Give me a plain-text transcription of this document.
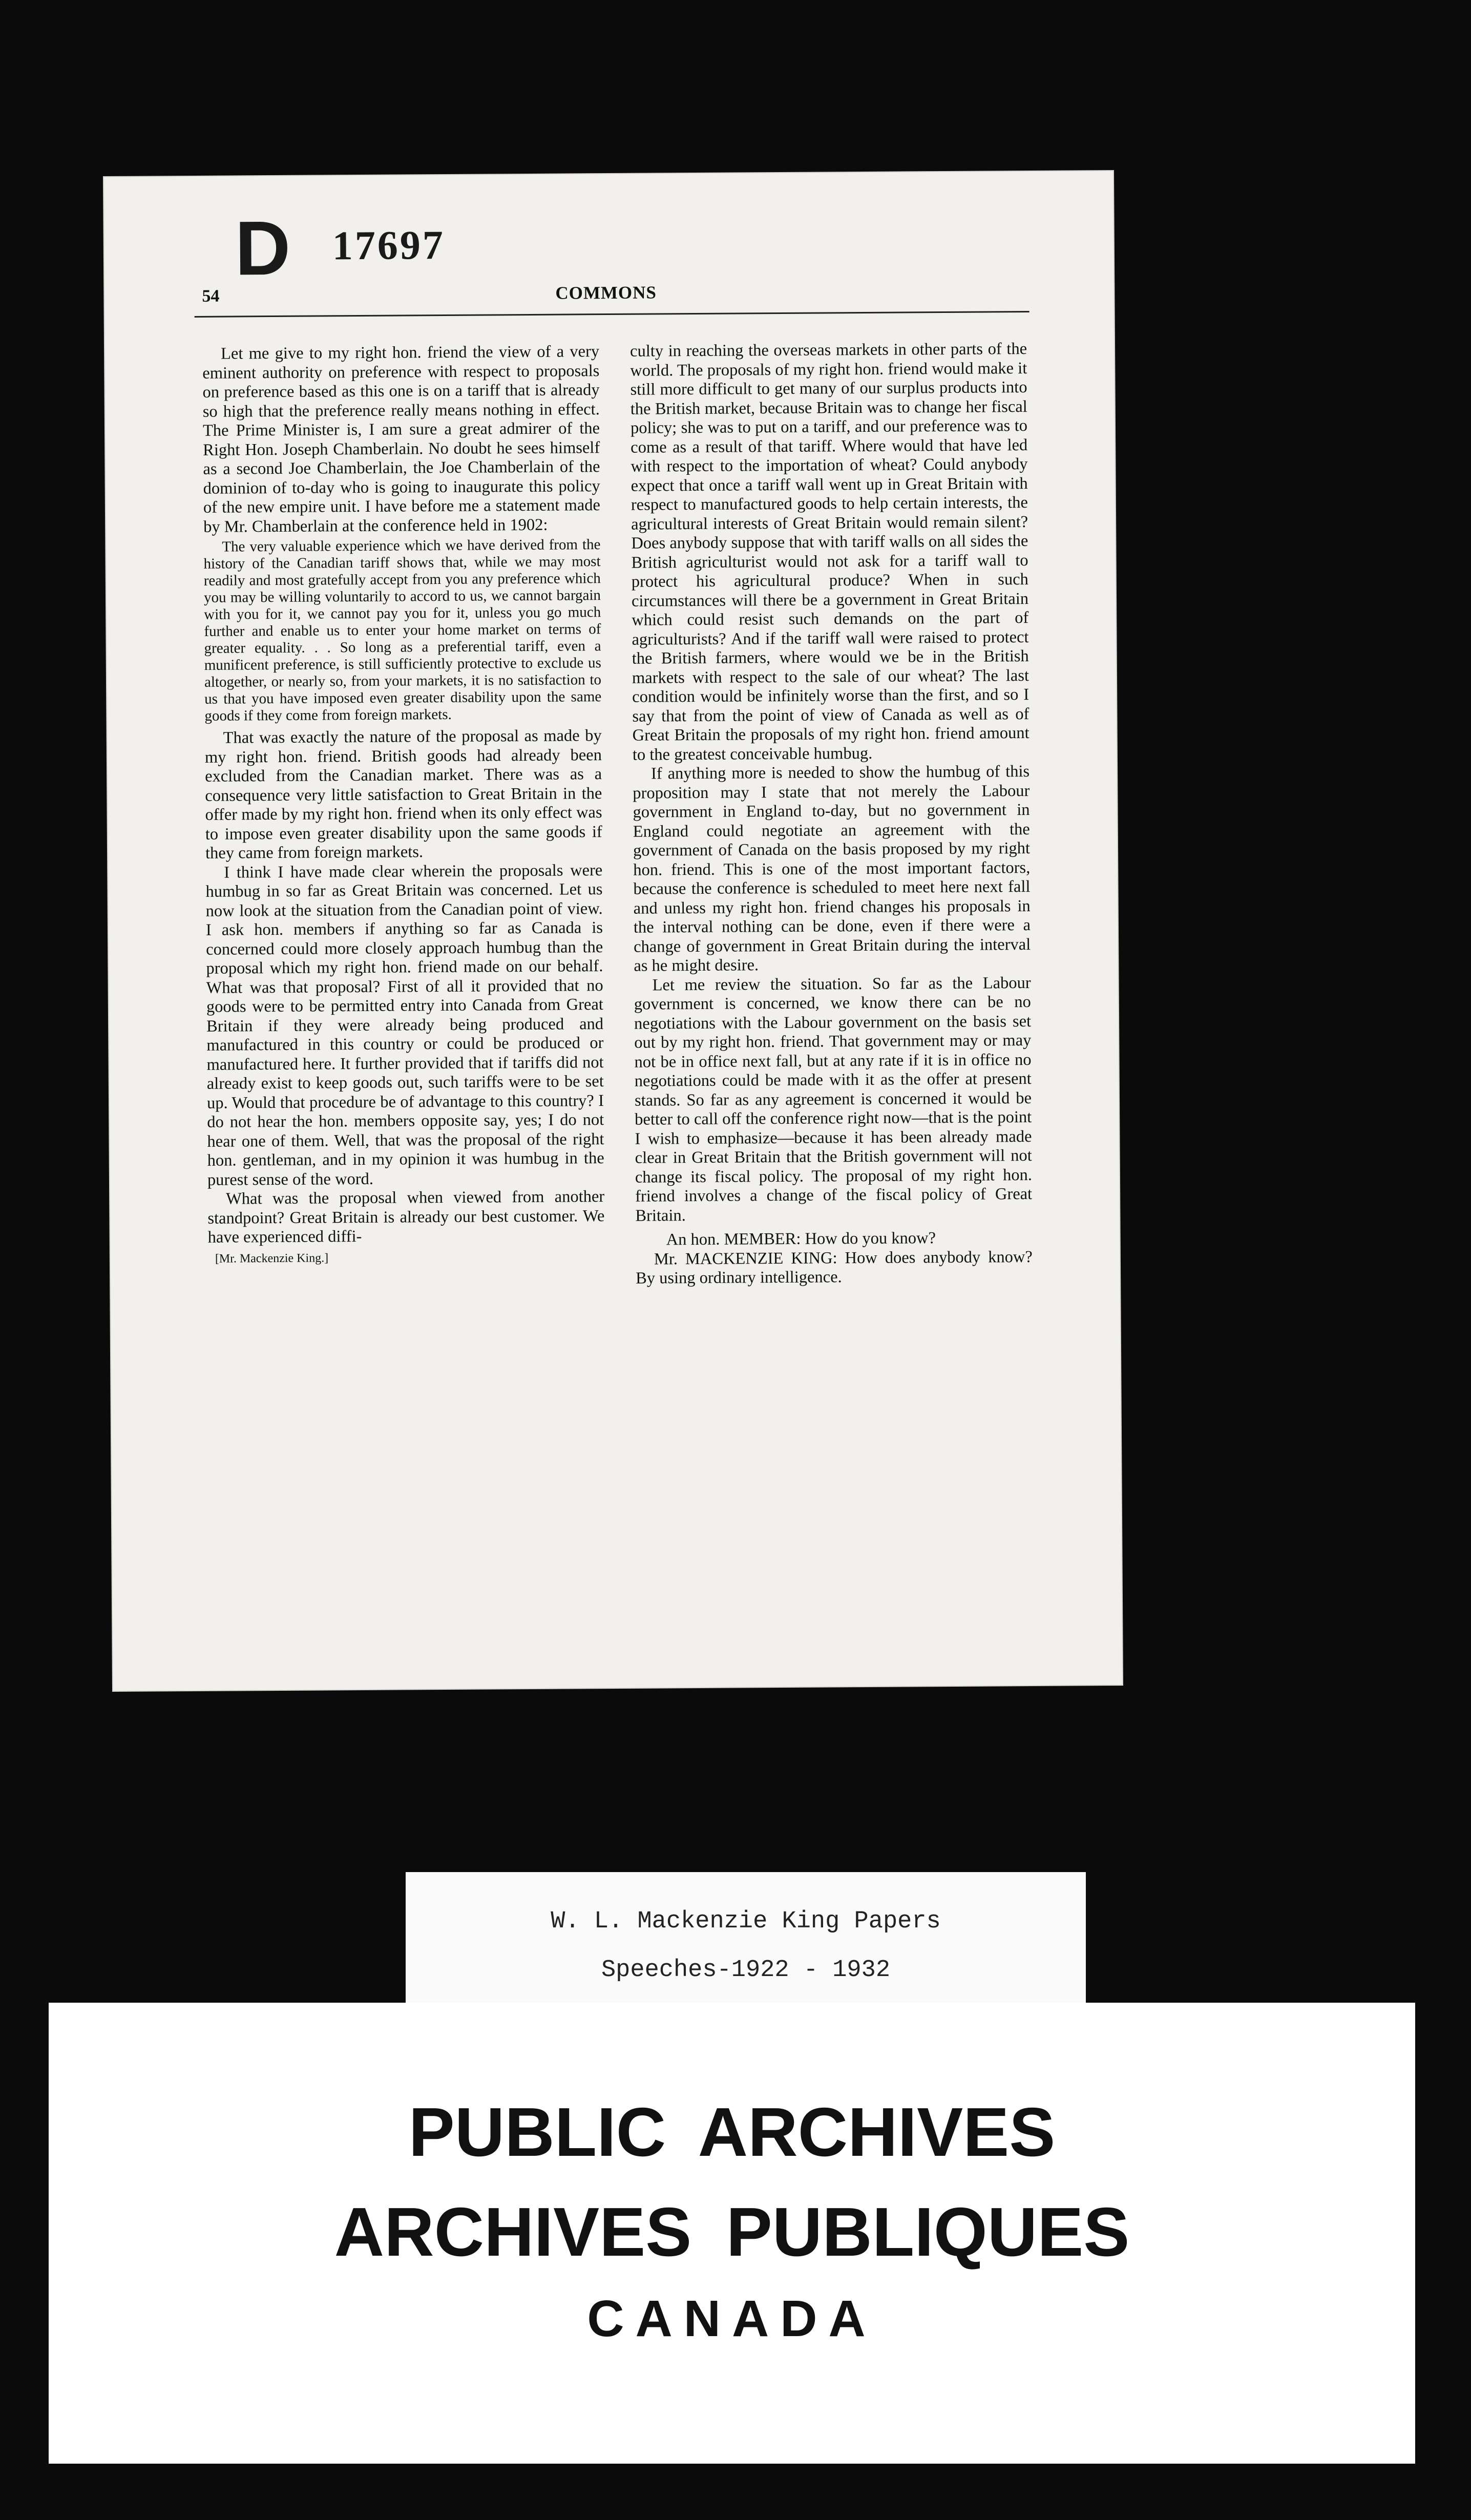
D 17697
54	COMMONS

Let me give to my right hon. friend the view of a very eminent authority on preference with respect to proposals on preference based as this one is on a tariff that is already so high that the preference really means nothing in effect. The Prime Minister is, I am sure a great admirer of the Right Hon. Joseph Chamberlain. No doubt he sees himself as a second Joe Chamberlain, the Joe Chamberlain of the dominion of to-day who is going to inaugurate this policy of the new empire unit. I have before me a statement made by Mr. Chamberlain at the conference held in 1902:

The very valuable experience which we have derived from the history of the Canadian tariff shows that, while we may most readily and most gratefully accept from you any preference which you may be willing voluntarily to accord to us, we cannot bargain with you for it, we cannot pay you for it, unless you go much further and enable us to enter your home market on terms of greater equality. . . So long as a preferential tariff, even a munificent preference, is still sufficiently protective to exclude us altogether, or nearly so, from your markets, it is no satisfaction to us that you have imposed even greater disability upon the same goods if they come from foreign markets.

That was exactly the nature of the proposal as made by my right hon. friend. British goods had already been excluded from the Canadian market. There was as a consequence very little satisfaction to Great Britain in the offer made by my right hon. friend when its only effect was to impose even greater disability upon the same goods if they came from foreign markets.

I think I have made clear wherein the proposals were humbug in so far as Great Britain was concerned. Let us now look at the situation from the Canadian point of view. I ask hon. members if anything so far as Canada is concerned could more closely approach humbug than the proposal which my right hon. friend made on our behalf. What was that proposal? First of all it provided that no goods were to be permitted entry into Canada from Great Britain if they were already being produced and manufactured in this country or could be produced or manufactured here. It further provided that if tariffs did not already exist to keep goods out, such tariffs were to be set up. Would that procedure be of advantage to this country? I do not hear the hon. members opposite say, yes; I do not hear one of them. Well, that was the proposal of the right hon. gentleman, and in my opinion it was humbug in the purest sense of the word.

What was the proposal when viewed from another standpoint? Great Britain is already our best customer. We have experienced diffi-

[Mr. Mackenzie King.]

culty in reaching the overseas markets in other parts of the world. The proposals of my right hon. friend would make it still more difficult to get many of our surplus products into the British market, because Britain was to change her fiscal policy; she was to put on a tariff, and our preference was to come as a result of that tariff. Where would that have led with respect to the importation of wheat? Could anybody expect that once a tariff wall went up in Great Britain with respect to manufactured goods to help certain interests, the agricultural interests of Great Britain would remain silent? Does anybody suppose that with tariff walls on all sides the British agriculturist would not ask for a tariff wall to protect his agricultural produce? When in such circumstances will there be a government in Great Britain which could resist such demands on the part of agriculturists? And if the tariff wall were raised to protect the British farmers, where would we be in the British markets with respect to the sale of our wheat? The last condition would be infinitely worse than the first, and so I say that from the point of view of Canada as well as of Great Britain the proposals of my right hon. friend amount to the greatest conceivable humbug.

If anything more is needed to show the humbug of this proposition may I state that not merely the Labour government in England to-day, but no government in England could negotiate an agreement with the government of Canada on the basis proposed by my right hon. friend. This is one of the most important factors, because the conference is scheduled to meet here next fall and unless my right hon. friend changes his proposals in the interval nothing can be done, even if there were a change of government in Great Britain during the interval as he might desire.

Let me review the situation. So far as the Labour government is concerned, we know there can be no negotiations with the Labour government on the basis set out by my right hon. friend. That government may or may not be in office next fall, but at any rate if it is in office no negotiations could be made with it as the offer at present stands. So far as any agreement is concerned it would be better to call off the conference right now—that is the point I wish to emphasize—because it has been already made clear in Great Britain that the British government will not change its fiscal policy. The proposal of my right hon. friend involves a change of the fiscal policy of Great Britain.

An hon. MEMBER: How do you know?

Mr. MACKENZIE KING: How does anybody know? By using ordinary intelligence.

W. L. Mackenzie King Papers
Speeches-1922 - 1932
PUBLIC ARCHIVES
ARCHIVES PUBLIQUES
CANADA
